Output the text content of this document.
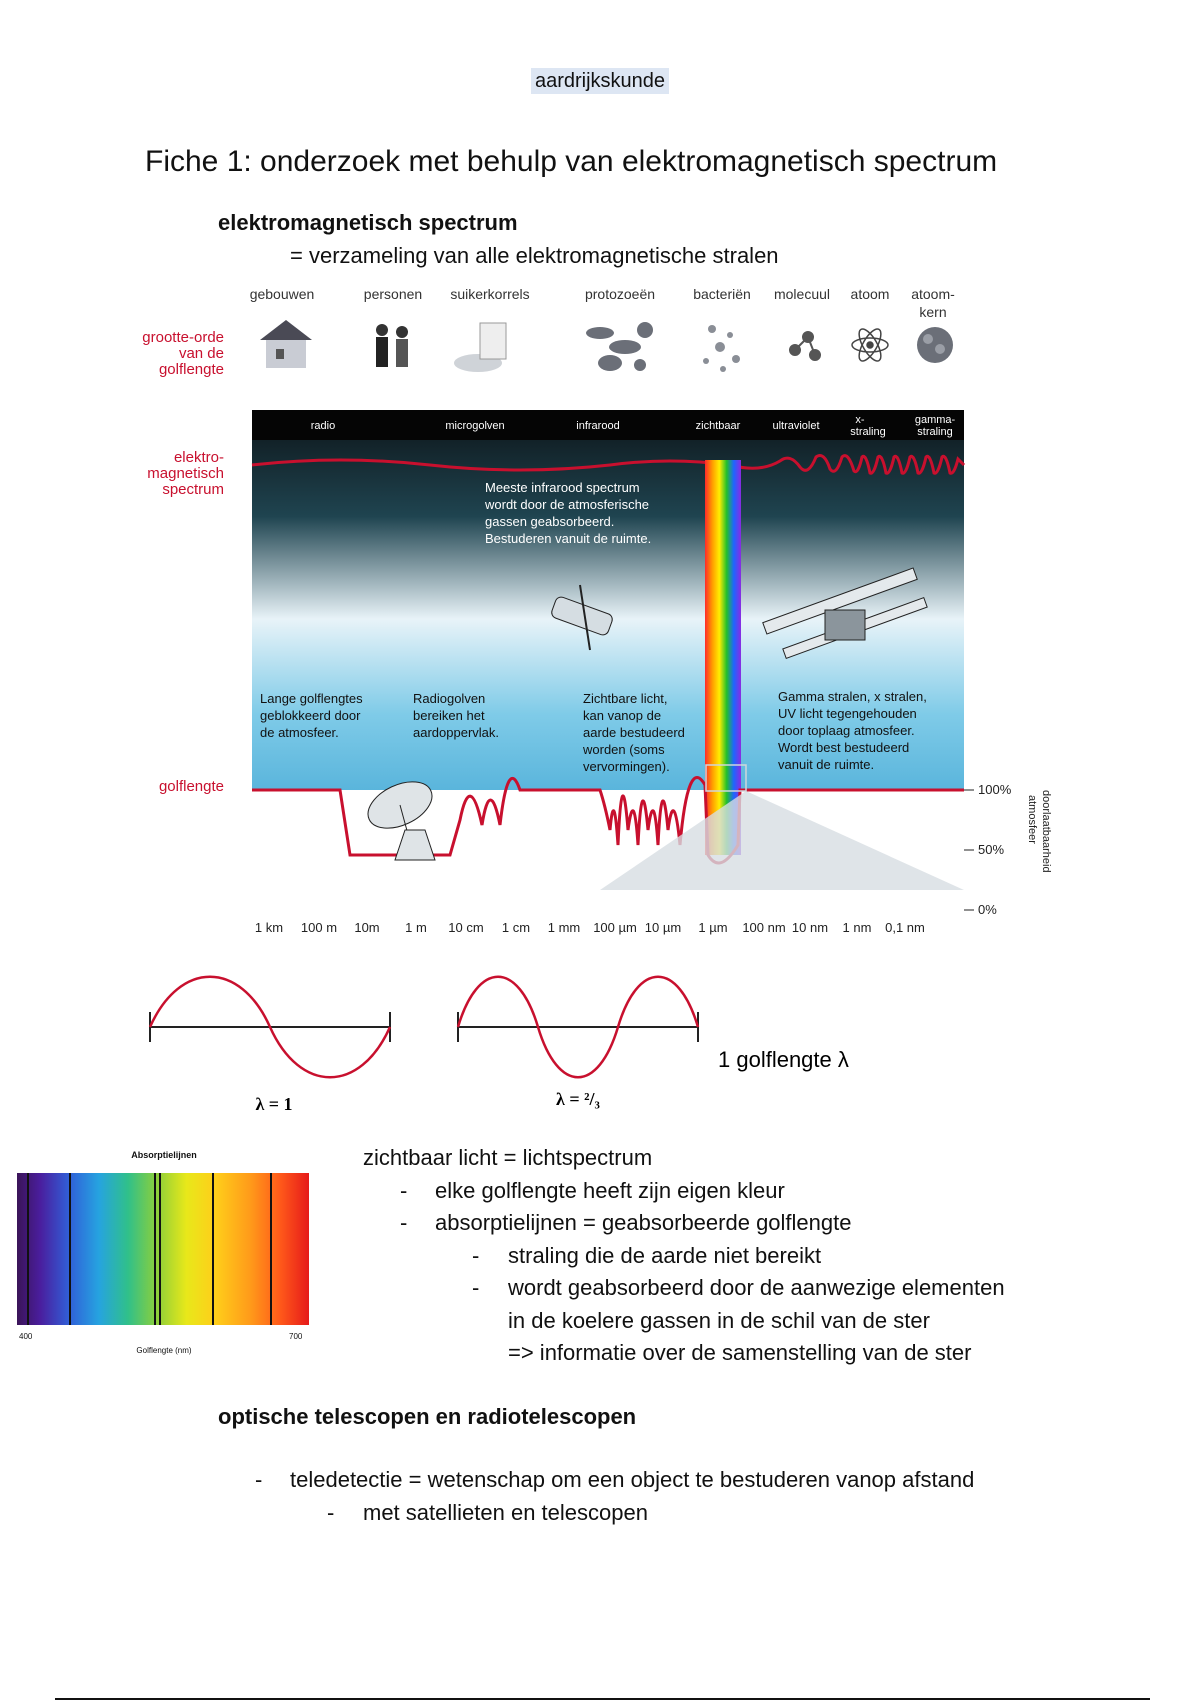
aardrijkskunde
Fiche 1: onderzoek met behulp van elektromagnetisch spectrum
elektromagnetisch spectrum
= verzameling van alle elektromagnetische stralen
gebouwen	personen suikerkorrels	protozoeën	bacteriën molecuul atoom atoom-
kern
grootte-orde
van de
golflengte
elektro-
magnetisch
spectrum
golflengte
radio	microgolven	infrarood	zichtbaar	ultraviolet	x-
straling
gamma-
straling
Meeste infrarood spectrum
wordt door de atmosferische
gassen geabsorbeerd.
Bestuderen vanuit de ruimte.
Lange golflengtes
geblokkeerd door
de atmosfeer.
Radiogolven
bereiken het
aardoppervlak.
Zichtbare licht,
kan vanop de
aarde bestudeerd
worden (soms
vervormingen).
Gamma stralen, x stralen,
UV licht tegengehouden
door toplaag atmosfeer.
Wordt best bestudeerd
vanuit de ruimte.
100%
50%
0%
doorlaatbaarheid
atmosfeer
1 km 100 m 10m 1 m 10 cm 1 cm 1 mm 100 µm 10 µm 1 µm 100 nm 10 nm 1 nm 0,1 nm
λ = 1	λ = ²/₃
1 golflengte λ
Absorptielijnen
400	700
Golflengte (nm)
zichtbaar licht = lichtspectrum
- elke golflengte heeft zijn eigen kleur
- absorptielijnen = geabsorbeerde golflengte
- straling die de aarde niet bereikt
- wordt geabsorbeerd door de aanwezige elementen
in de koelere gassen in de schil van de ster
=> informatie over de samenstelling van de ster
optische telescopen en radiotelescopen
- teledetectie = wetenschap om een object te bestuderen vanop afstand
- met satellieten en telescopen
